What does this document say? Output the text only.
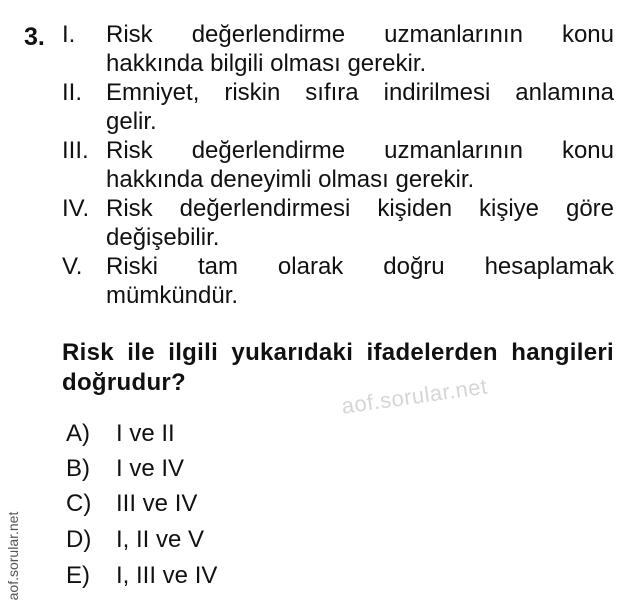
3. I. Risk değerlendirme uzmanlarının konu
hakkında bilgili olması gerekir.
II. Emniyet, riskin sıfıra indirilmesi anlamına
gelir.
III. Risk değerlendirme uzmanlarının konu
hakkında deneyimli olması gerekir.
IV. Risk değerlendirmesi kişiden kişiye göre
değişebilir.
V. Riski tam olarak doğru hesaplamak
mümkündür.
Risk ile ilgili yukarıdaki ifadelerden hangileri
doğrudur?	aof.sorular.net
A) I ve II
B) I ve IV
C) III ve IV
D) I, II ve V
E) I, III ve IV
aof.sorular.net
